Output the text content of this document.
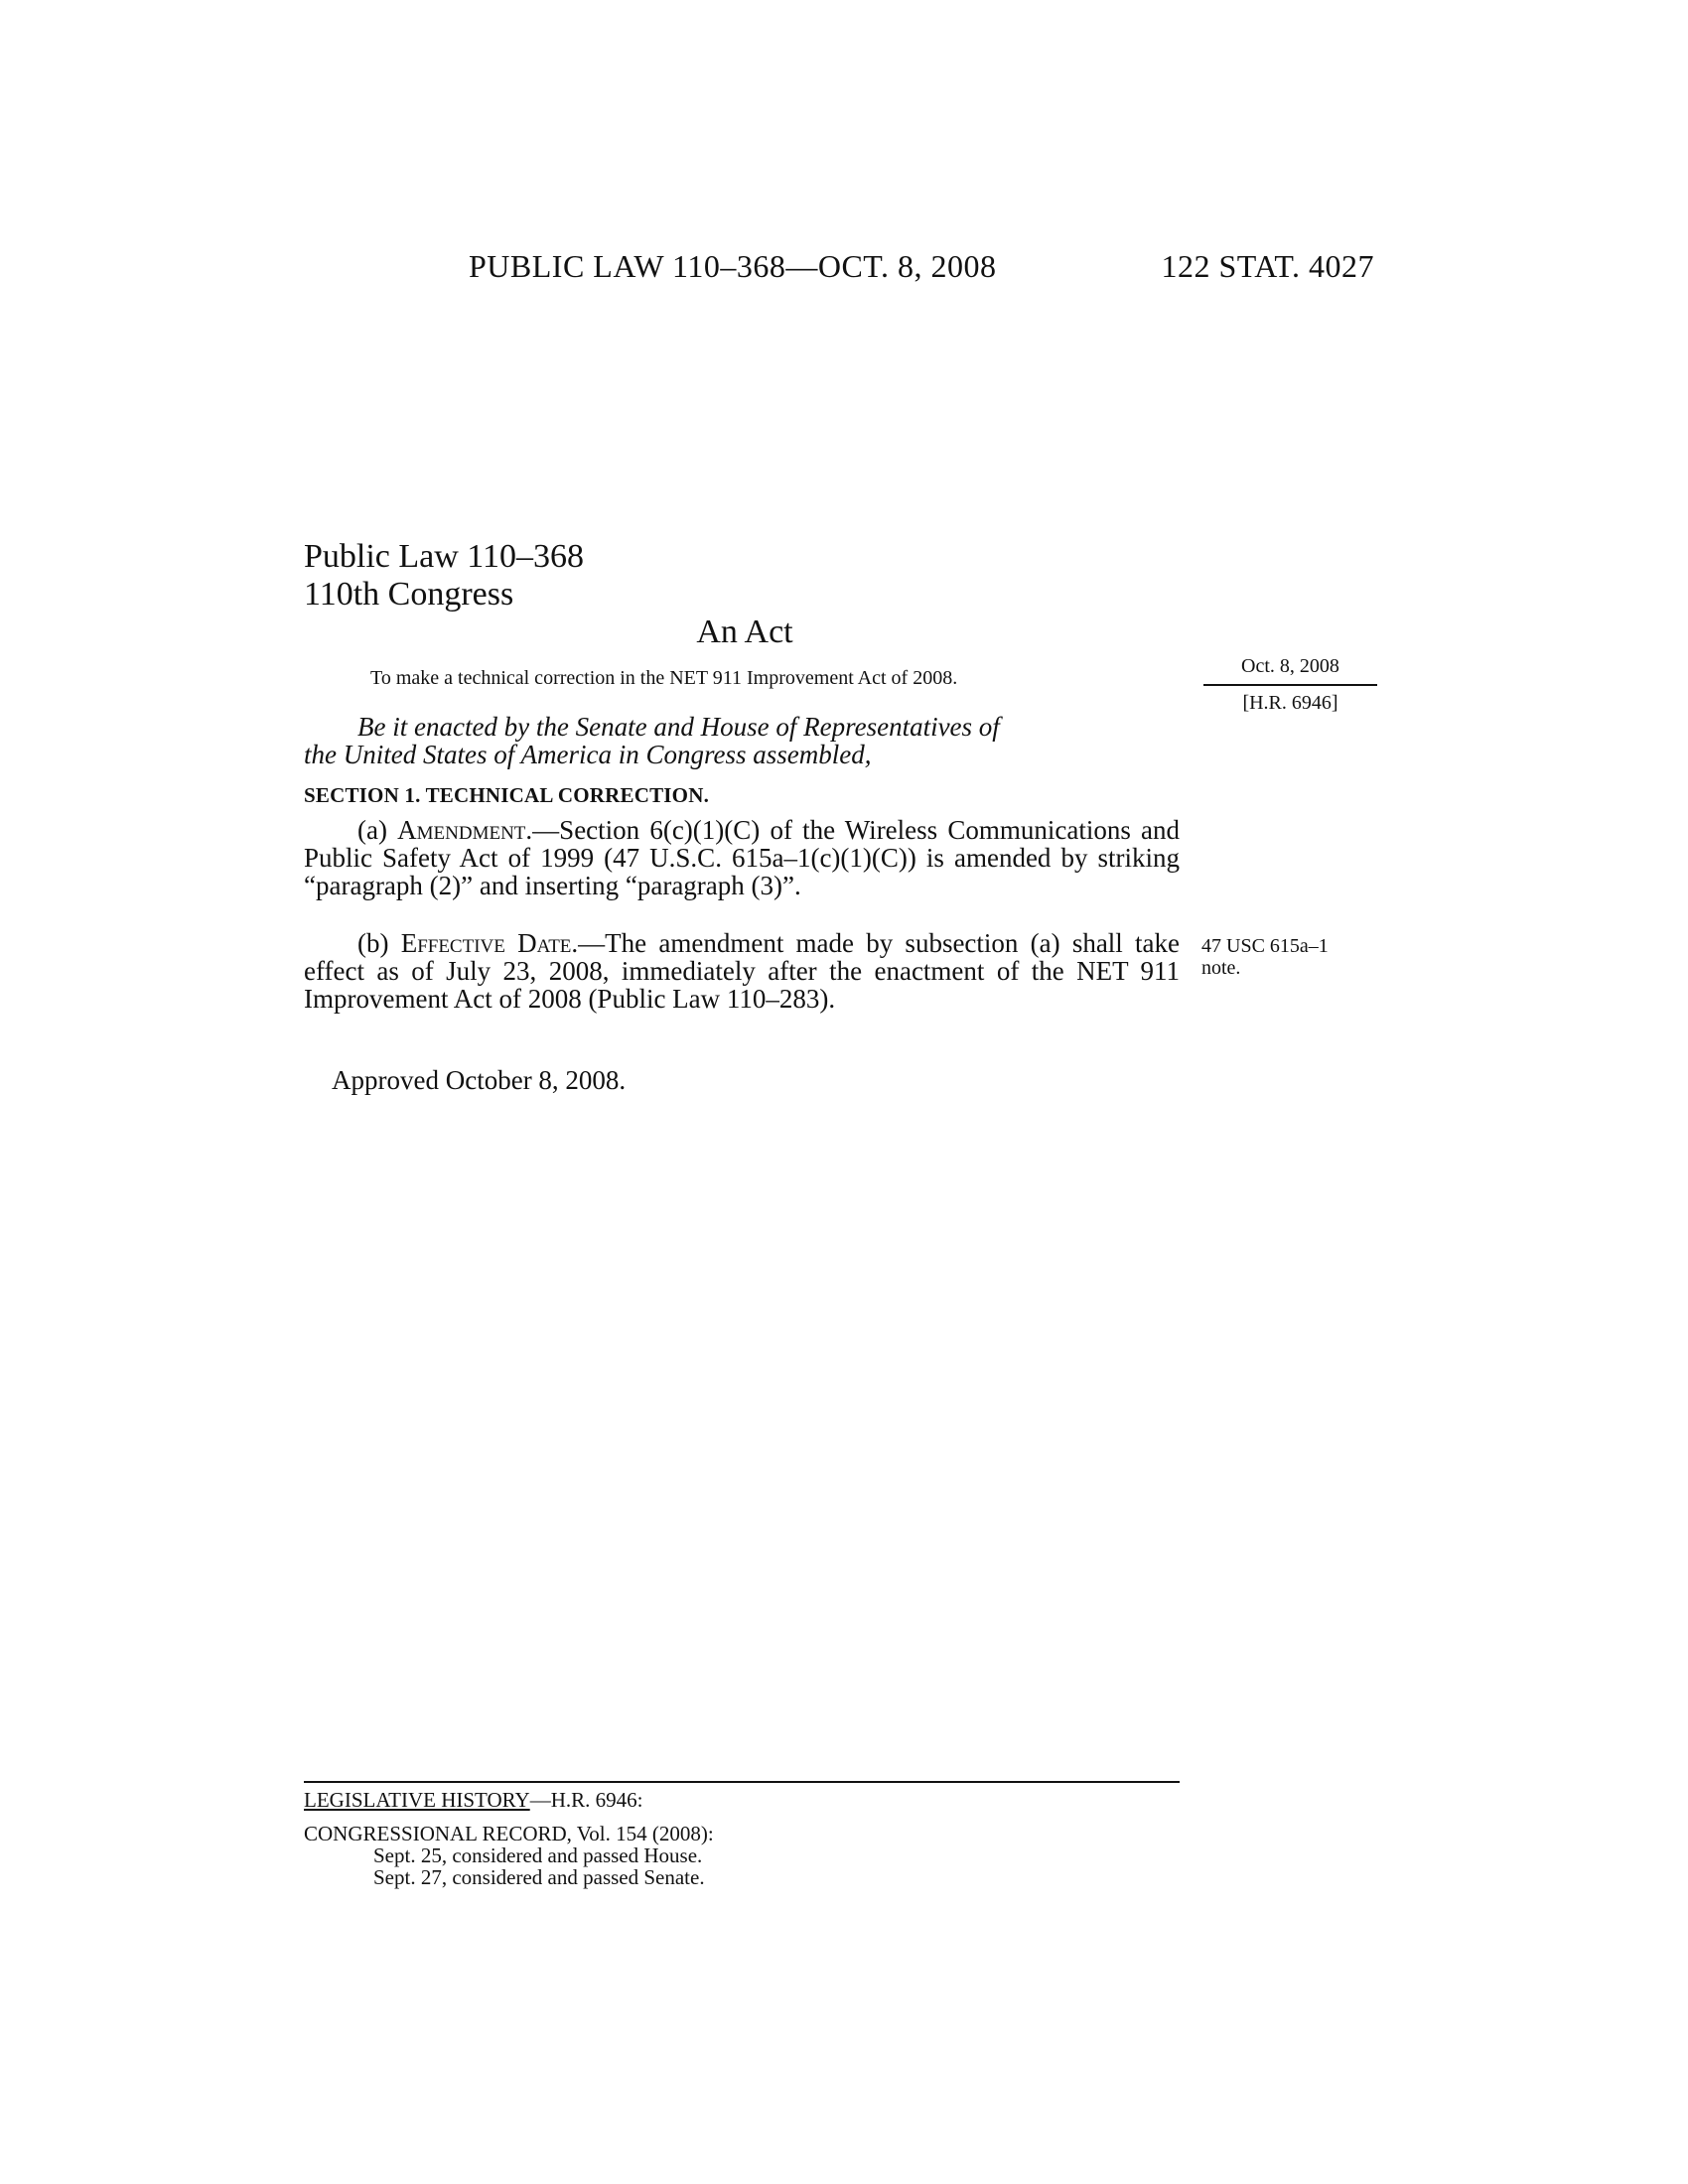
PUBLIC LAW 110–368—OCT. 8, 2008	122 STAT. 4027
Public Law 110–368
110th Congress
An Act
To make a technical correction in the NET 911 Improvement Act of 2008.
Oct. 8, 2008
[H.R. 6946]
Be it enacted by the Senate and House of Representatives of
the United States of America in Congress assembled,
SECTION 1. TECHNICAL CORRECTION.

(a) Amendment.—Section 6(c)(1)(C) of the Wireless Communications and Public Safety Act of 1999 (47 U.S.C. 615a–1(c)(1)(C)) is amended by striking “paragraph (2)” and inserting “paragraph (3)”.

(b) Effective Date.—The amendment made by subsection (a) shall take effect as of July 23, 2008, immediately after the enactment of the NET 911 Improvement Act of 2008 (Public Law 110–283).

47 USC 615a–1
note.
Approved October 8, 2008.
LEGISLATIVE HISTORY—H.R. 6946:
CONGRESSIONAL RECORD, Vol. 154 (2008):
Sept. 25, considered and passed House.
Sept. 27, considered and passed Senate.
